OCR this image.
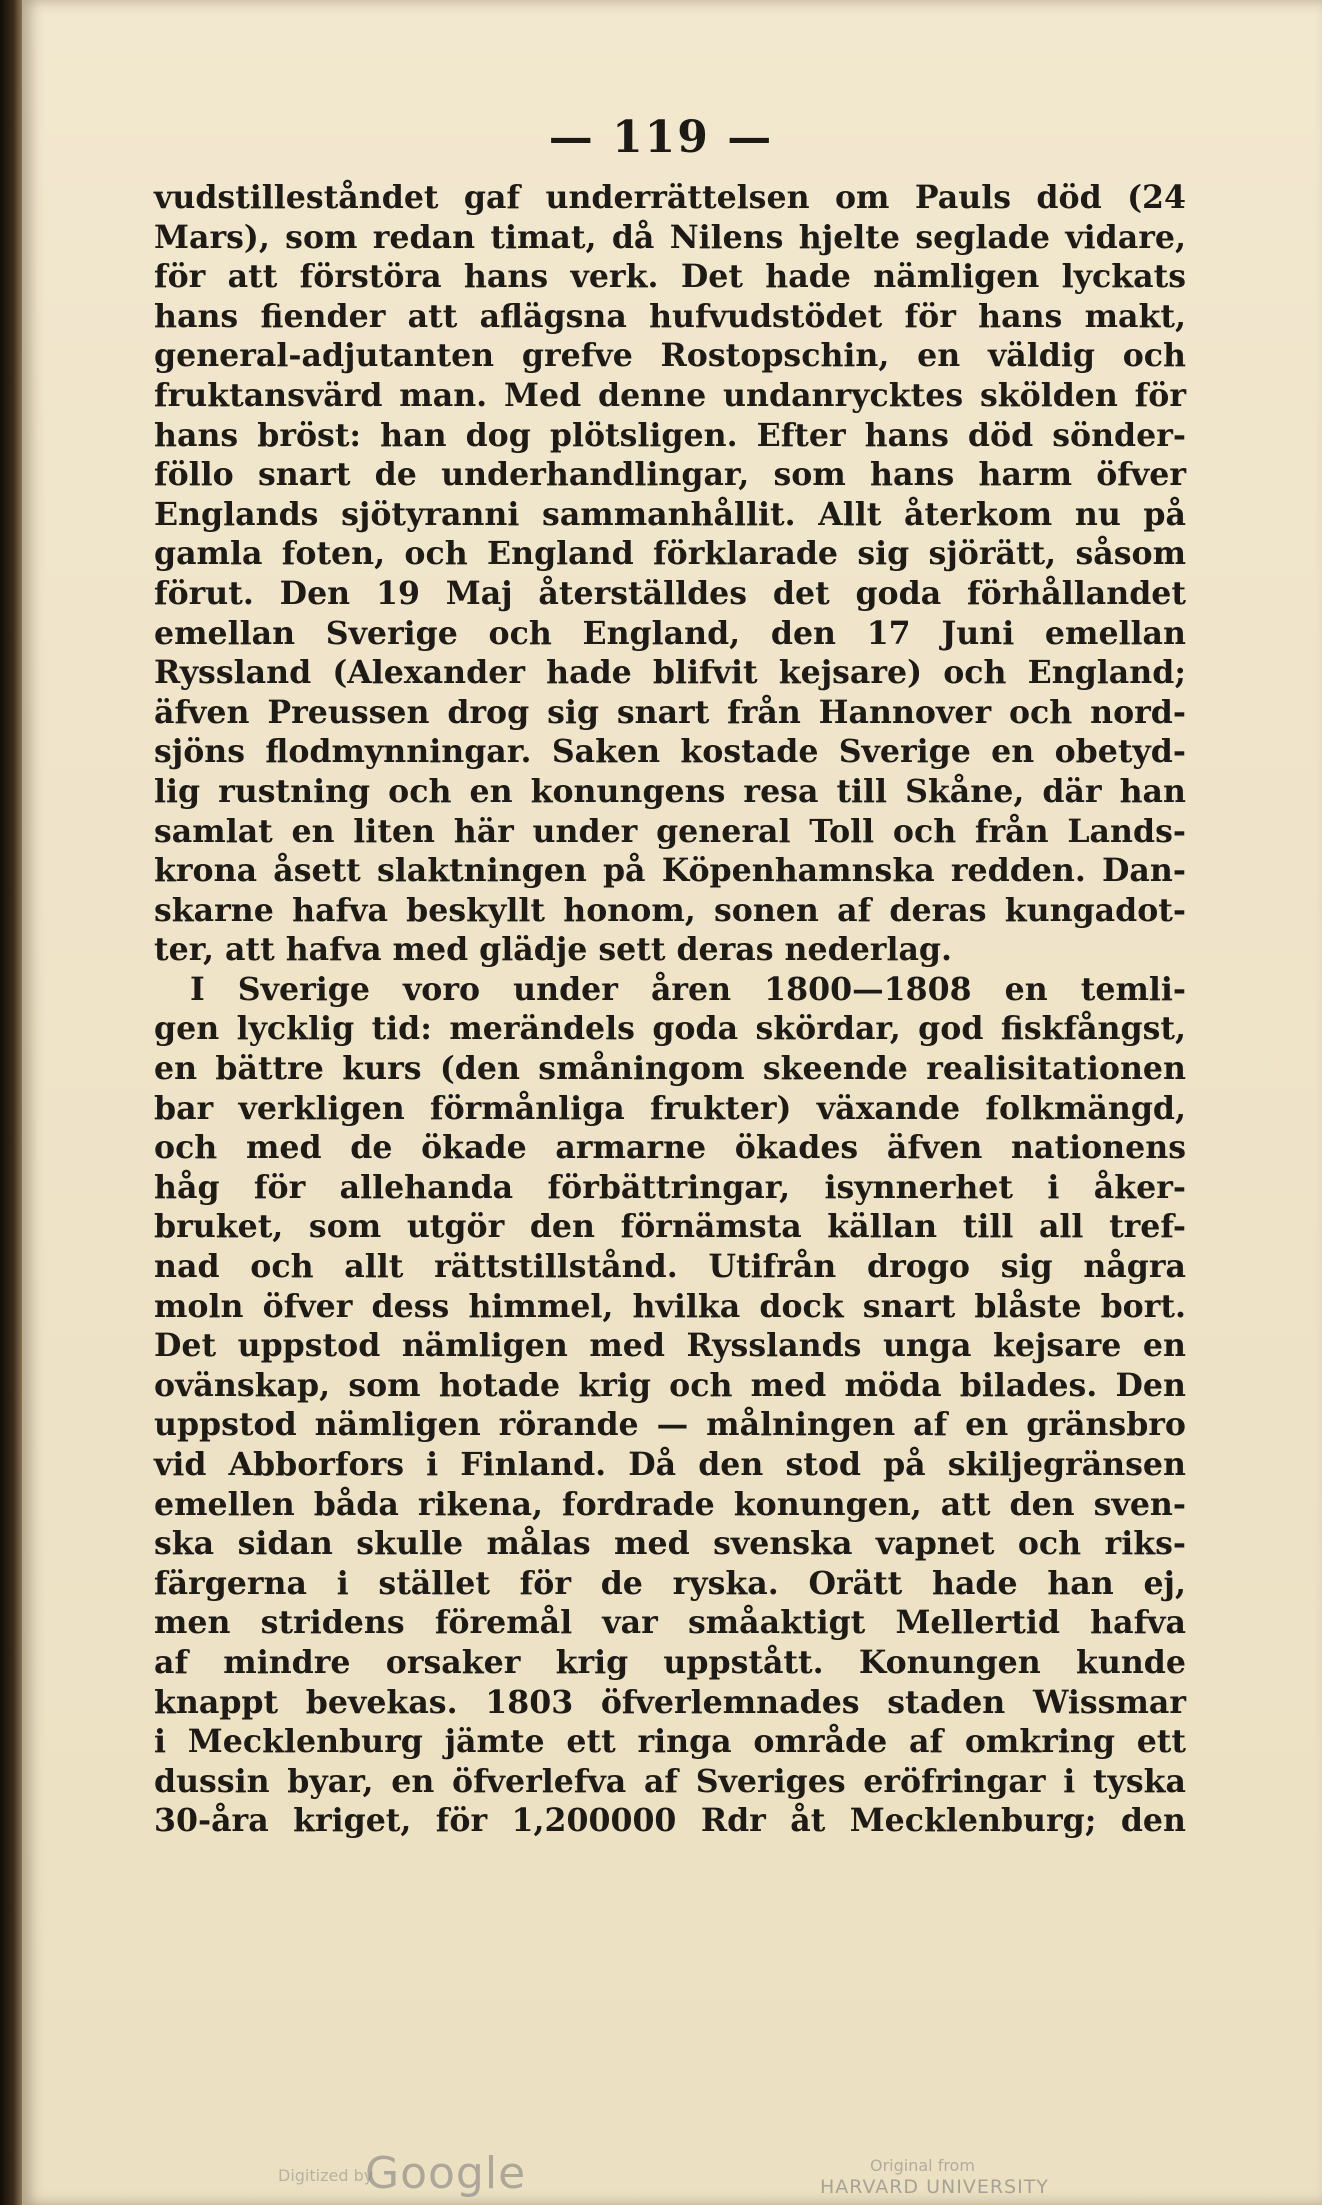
— 119 —
vudstilleståndet gaf underrättelsen om Pauls död (24
Mars), som redan timat, då Nilens hjelte seglade vidare,
för att förstöra hans verk. Det hade nämligen lyckats
hans fiender att aflägsna hufvudstödet för hans makt,
general-adjutanten grefve Rostopschin, en väldig och
fruktansvärd man. Med denne undanrycktes skölden för
hans bröst: han dog plötsligen. Efter hans död sönder-
föllo snart de underhandlingar, som hans harm öfver
Englands sjötyranni sammanhållit. Allt återkom nu på
gamla foten, och England förklarade sig sjörätt, såsom
förut. Den 19 Maj återställdes det goda förhållandet
emellan Sverige och England, den 17 Juni emellan
Ryssland (Alexander hade blifvit kejsare) och England;
äfven Preussen drog sig snart från Hannover och nord-
sjöns flodmynningar. Saken kostade Sverige en obetyd-
lig rustning och en konungens resa till Skåne, där han
samlat en liten här under general Toll och från Lands-
krona åsett slaktningen på Köpenhamnska redden. Dan-
skarne hafva beskyllt honom, sonen af deras kungadot-
ter, att hafva med glädje sett deras nederlag.
I Sverige voro under åren 1800—1808 en temli-
gen lycklig tid: merändels goda skördar, god fiskfångst,
en bättre kurs (den småningom skeende realisitationen
bar verkligen förmånliga frukter) växande folkmängd,
och med de ökade armarne ökades äfven nationens
håg för allehanda förbättringar, isynnerhet i åker-
bruket, som utgör den förnämsta källan till all tref-
nad och allt rättstillstånd. Utifrån drogo sig några
moln öfver dess himmel, hvilka dock snart blåste bort.
Det uppstod nämligen med Rysslands unga kejsare en
ovänskap, som hotade krig och med möda bilades. Den
uppstod nämligen rörande — målningen af en gränsbro
vid Abborfors i Finland. Då den stod på skiljegränsen
emellen båda rikena, fordrade konungen, att den sven-
ska sidan skulle målas med svenska vapnet och riks-
färgerna i stället för de ryska. Orätt hade han ej,
men stridens föremål var småaktigt Mellertid hafva
af mindre orsaker krig uppstått. Konungen kunde
knappt bevekas. 1803 öfverlemnades staden Wissmar
i Mecklenburg jämte ett ringa område af omkring ett
dussin byar, en öfverlefva af Sveriges eröfringar i tyska
30-åra kriget, för 1,200000 Rdr åt Mecklenburg; den
Digitized by
Google	Original from
HARVARD UNIVERSITY
